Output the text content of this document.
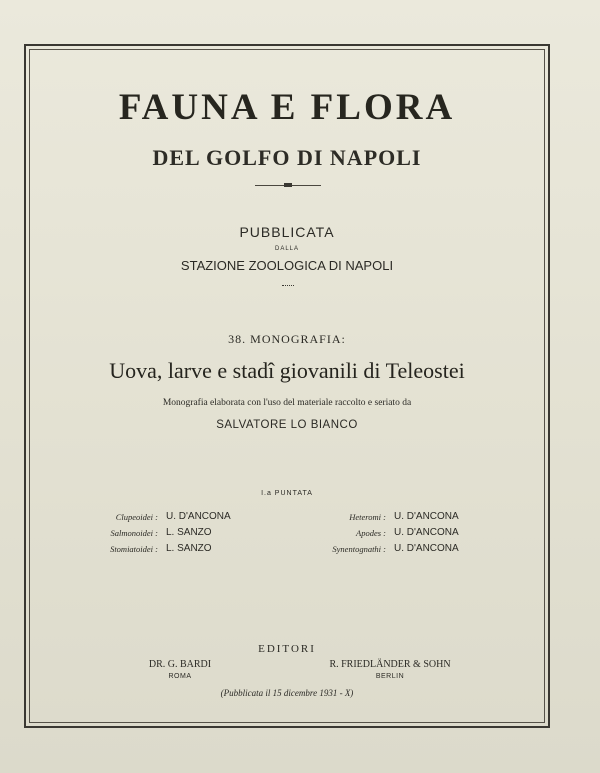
FAUNA E FLORA
DEL GOLFO DI NAPOLI
PUBBLICATA
DALLA
STAZIONE ZOOLOGICA DI NAPOLI
38. MONOGRAFIA:
Uova, larve e stadî giovanili di Teleostei
Monografia elaborata con l'uso del materiale raccolto e seriato da
SALVATORE LO BIANCO
I.a PUNTATA
Clupeoidei : U. D'ANCONA
Salmonoidei : L. SANZO
Stomiatoidei : L. SANZO
Heteromi : U. D'ANCONA
Apodes : U. D'ANCONA
Synentognathi : U. D'ANCONA
EDITORI
DR. G. BARDI
ROMA
R. FRIEDLÄNDER & SOHN
BERLIN
(Pubblicata il 15 dicembre 1931 - X)
